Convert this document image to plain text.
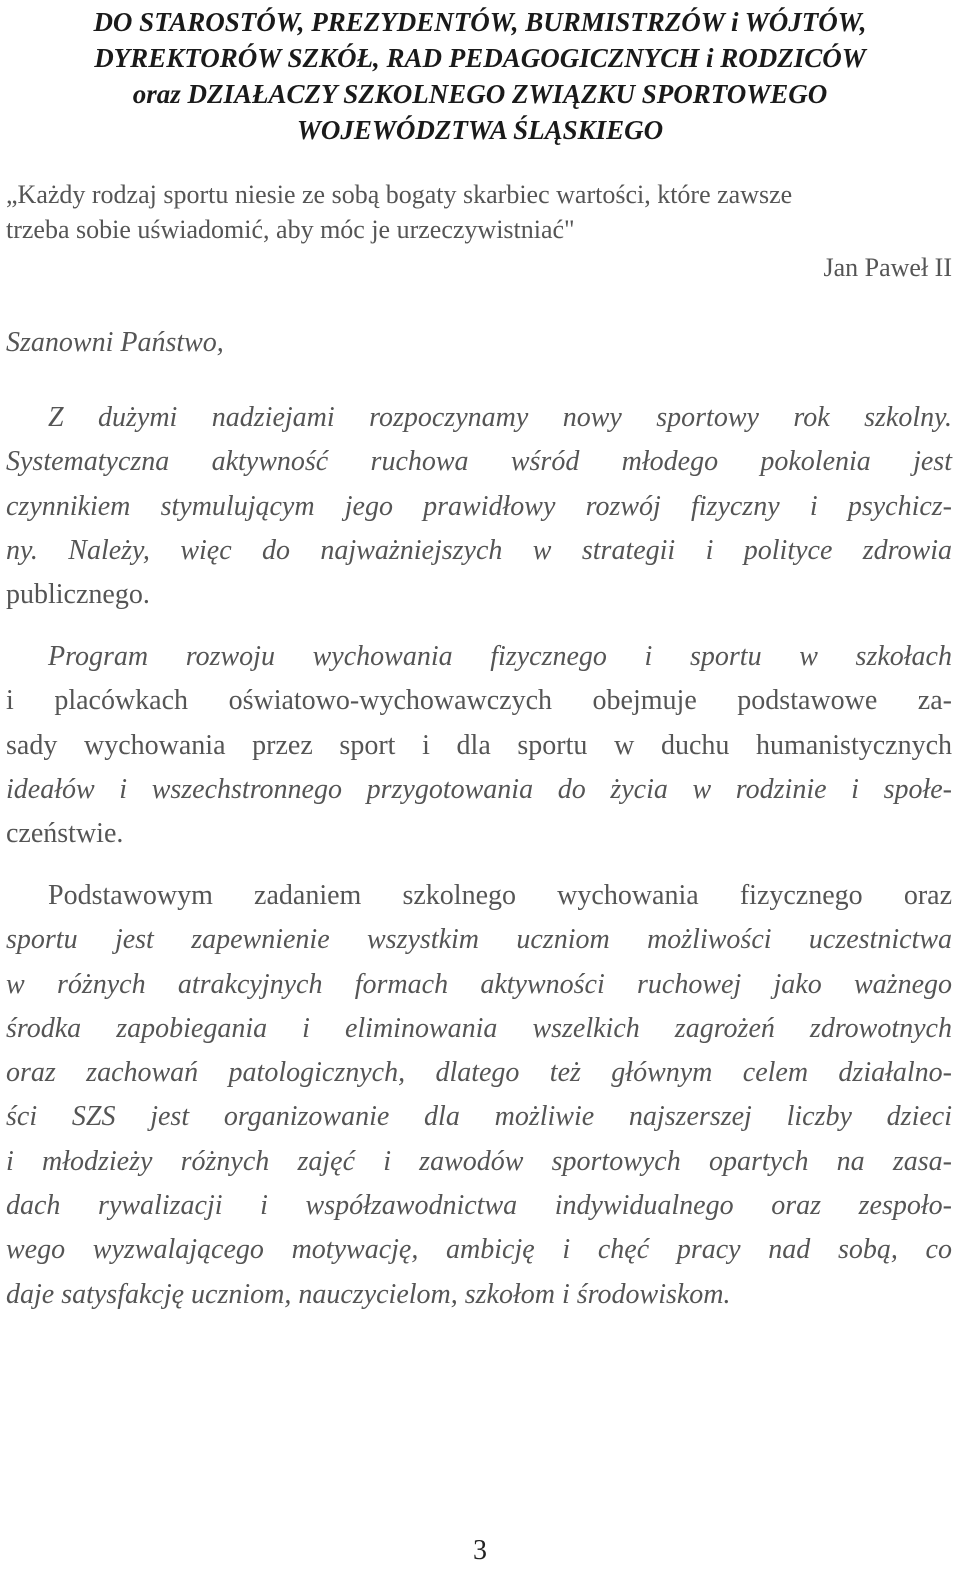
DO STAROSTÓW, PREZYDENTÓW, BURMISTRZÓW i WÓJTÓW,
DYREKTORÓW SZKÓŁ, RAD PEDAGOGICZNYCH i RODZICÓW
oraz DZIAŁACZY SZKOLNEGO ZWIĄZKU SPORTOWEGO
WOJEWÓDZTWA ŚLĄSKIEGO
„Każdy rodzaj sportu niesie ze sobą bogaty skarbiec wartości, które zawsze
trzeba sobie uświadomić, aby móc je urzeczywistniać"
Jan Paweł II
Szanowni Państwo,
Z dużymi nadziejami rozpoczynamy nowy sportowy rok szkolny.
Systematyczna aktywność ruchowa wśród młodego pokolenia jest
czynnikiem stymulującym jego prawidłowy rozwój fizyczny i psychicz-
ny. Należy, więc do najważniejszych w strategii i polityce zdrowia
publicznego.
Program rozwoju wychowania fizycznego i sportu w szkołach
i placówkach oświatowo-wychowawczych obejmuje podstawowe za-
sady wychowania przez sport i dla sportu w duchu humanistycznych
ideałów i wszechstronnego przygotowania do życia w rodzinie i społe-
czeństwie.
Podstawowym zadaniem szkolnego wychowania fizycznego oraz
sportu jest zapewnienie wszystkim uczniom możliwości uczestnictwa
w różnych atrakcyjnych formach aktywności ruchowej jako ważnego
środka zapobiegania i eliminowania wszelkich zagrożeń zdrowotnych
oraz zachowań patologicznych, dlatego też głównym celem działalno-
ści SZS jest organizowanie dla możliwie najszerszej liczby dzieci
i młodzieży różnych zajęć i zawodów sportowych opartych na zasa-
dach rywalizacji i współzawodnictwa indywidualnego oraz zespoło-
wego wyzwalającego motywację, ambicję i chęć pracy nad sobą, co
daje satysfakcję uczniom, nauczycielom, szkołom i środowiskom.
3
